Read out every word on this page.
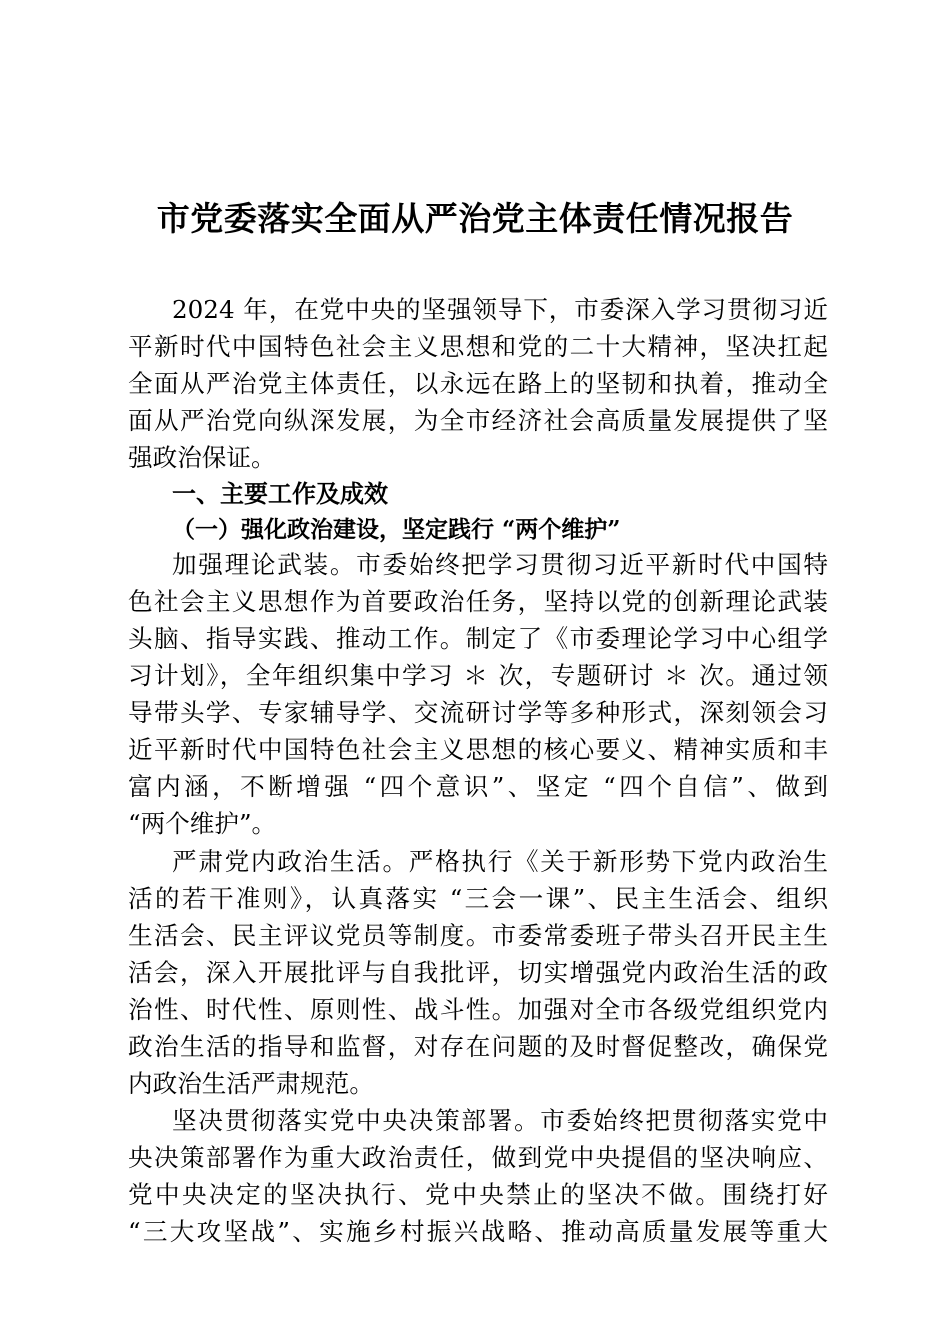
市党委落实全面从严治党主体责任情况报告
2024 年，在党中央的坚强领导下，市委深入学习贯彻习近
平新时代中国特色社会主义思想和党的二十大精神，坚决扛起
全面从严治党主体责任，以永远在路上的坚韧和执着，推动全
面从严治党向纵深发展，为全市经济社会高质量发展提供了坚
强政治保证。
一、主要工作及成效
（一）强化政治建设，坚定践行 “两个维护”
加强理论武装。市委始终把学习贯彻习近平新时代中国特
色社会主义思想作为首要政治任务，坚持以党的创新理论武装
头脑、指导实践、推动工作。制定了《市委理论学习中心组学
习计划》，全年组织集中学习 ＊ 次，专题研讨 ＊ 次。通过领
导带头学、专家辅导学、交流研讨学等多种形式，深刻领会习
近平新时代中国特色社会主义思想的核心要义、精神实质和丰
富内涵，不断增强 “四个意识”、坚定 “四个自信”、做到
“两个维护”。
严肃党内政治生活。严格执行《关于新形势下党内政治生
活的若干准则》，认真落实 “三会一课”、民主生活会、组织
生活会、民主评议党员等制度。市委常委班子带头召开民主生
活会，深入开展批评与自我批评，切实增强党内政治生活的政
治性、时代性、原则性、战斗性。加强对全市各级党组织党内
政治生活的指导和监督，对存在问题的及时督促整改，确保党
内政治生活严肃规范。
坚决贯彻落实党中央决策部署。市委始终把贯彻落实党中
央决策部署作为重大政治责任，做到党中央提倡的坚决响应、
党中央决定的坚决执行、党中央禁止的坚决不做。围绕打好
“三大攻坚战”、实施乡村振兴战略、推动高质量发展等重大
